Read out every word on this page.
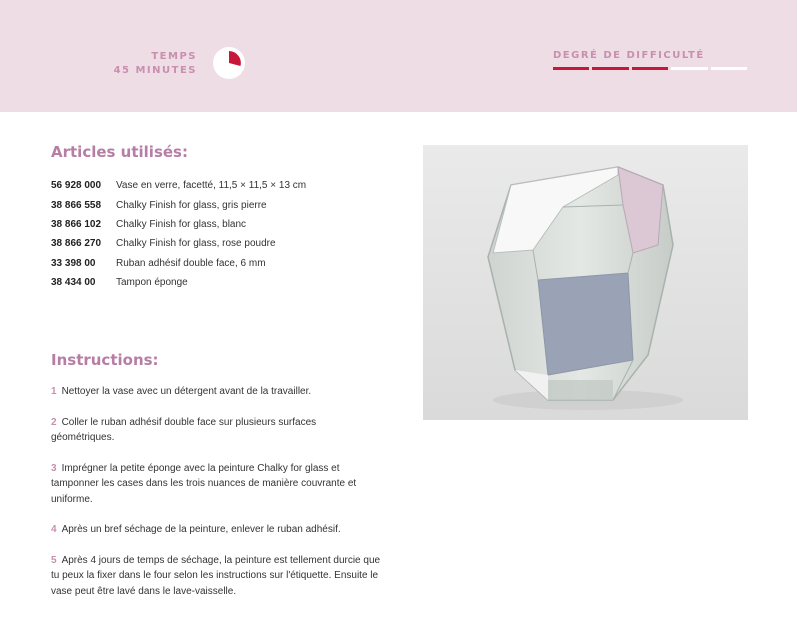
TEMPS
45 MINUTES
DEGRÉ DE DIFFICULTÉ
Articles utilisés:
56 928 000	Vase en verre, facetté, 11,5 × 11,5 × 13 cm
38 866 558	Chalky Finish for glass, gris pierre
38 866 102	Chalky Finish for glass, blanc
38 866 270	Chalky Finish for glass, rose poudre
33 398 00	Ruban adhésif double face, 6 mm
38 434 00	Tampon éponge
Instructions:
1 Nettoyer la vase avec un détergent avant de la travailler.
2 Coller le ruban adhésif double face sur plusieurs surfaces géométriques.
3 Imprégner la petite éponge avec la peinture Chalky for glass et tamponner les cases dans les trois nuances de manière couvrante et uniforme.
4 Après un bref séchage de la peinture, enlever le ruban adhésif.
5 Après 4 jours de temps de séchage, la peinture est tellement durcie que tu peux la fixer dans le four selon les instructions sur l'étiquette. Ensuite le vase peut être lavé dans le lave-vaisselle.
